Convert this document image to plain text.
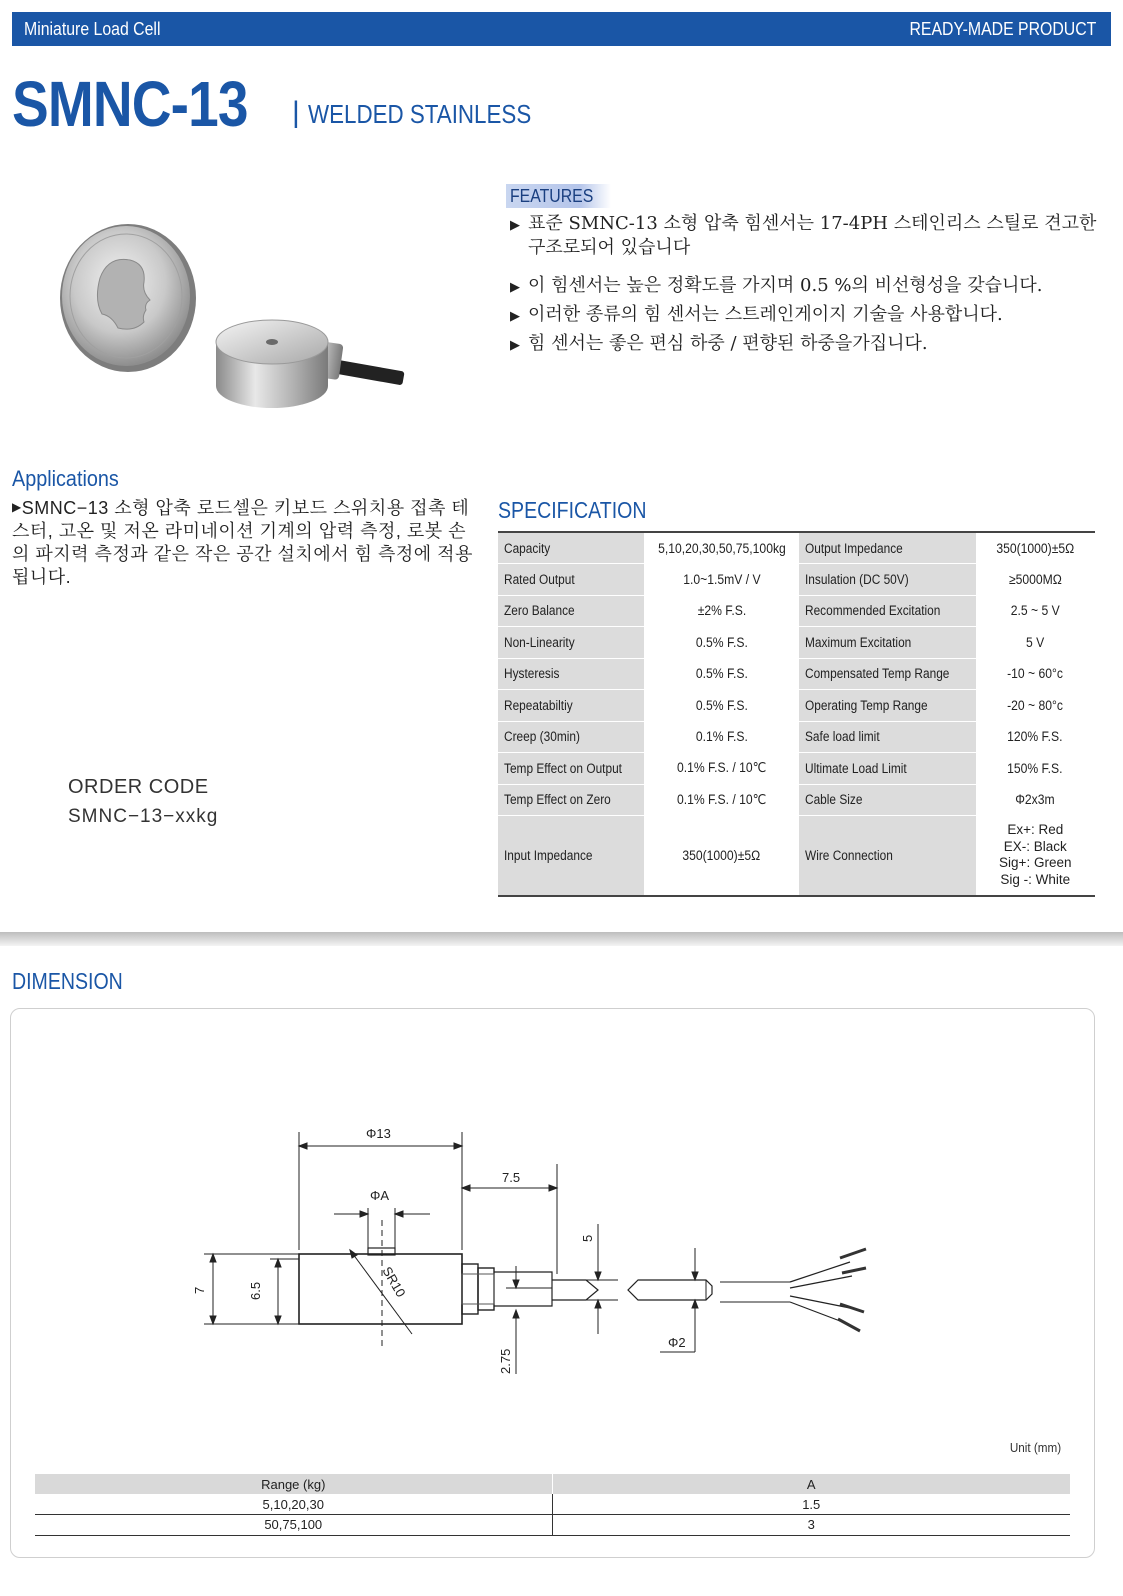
Miniature Load Cell	READY-MADE PRODUCT
SMNC-13 | WELDED STAINLESS
FEATURES
▶ 표준 SMNC-13 소형 압축 힘센서는 17-4PH 스테인리스 스틸로 견고한 구조로되어 있습니다
▶ 이 힘센서는 높은 정확도를 가지며 0.5 %의 비선형성을 갖습니다.
▶ 이러한 종류의 힘 센서는 스트레인게이지 기술을 사용합니다.
▶ 힘 센서는 좋은 편심 하중 / 편향된 하중을가집니다.
Applications
▶SMNC−13 소형 압축 로드셀은 키보드 스위치용 접촉 테스터, 고온 및 저온 라미네이션 기계의 압력 측정, 로봇 손의 파지력 측정과 같은 작은 공간 설치에서 힘 측정에 적용됩니다.
ORDER CODE
SMNC−13−xxkg
SPECIFICATION
Capacity	5,10,20,30,50,75,100kg	Output Impedance	350(1000)±5Ω
Rated Output	1.0~1.5mV / V	Insulation (DC 50V)	≥5000MΩ
Zero Balance	±2% F.S.	Recommended Excitation	2.5 ~ 5 V
Non-Linearity	0.5% F.S.	Maximum Excitation	5 V
Hysteresis	0.5% F.S.	Compensated Temp Range	-10 ~ 60°c
Repeatabiltiy	0.5% F.S.	Operating Temp Range	-20 ~ 80°c
Creep (30min)	0.1% F.S.	Safe load limit	120% F.S.
Temp Effect on Output	0.1% F.S. / 10℃	Ultimate Load Limit	150% F.S.
Temp Effect on Zero	0.1% F.S. / 10℃	Cable Size	Φ2x3m
Input Impedance	350(1000)±5Ω	Wire Connection	Ex+: Red
EX-: Black
Sig+: Green
Sig -: White
DIMENSION
Φ13
7.5
ΦA
7	6.5	SR10
5
2.75
Φ2
Unit (mm)
Range (kg)	A
5,10,20,30	1.5
50,75,100	3
